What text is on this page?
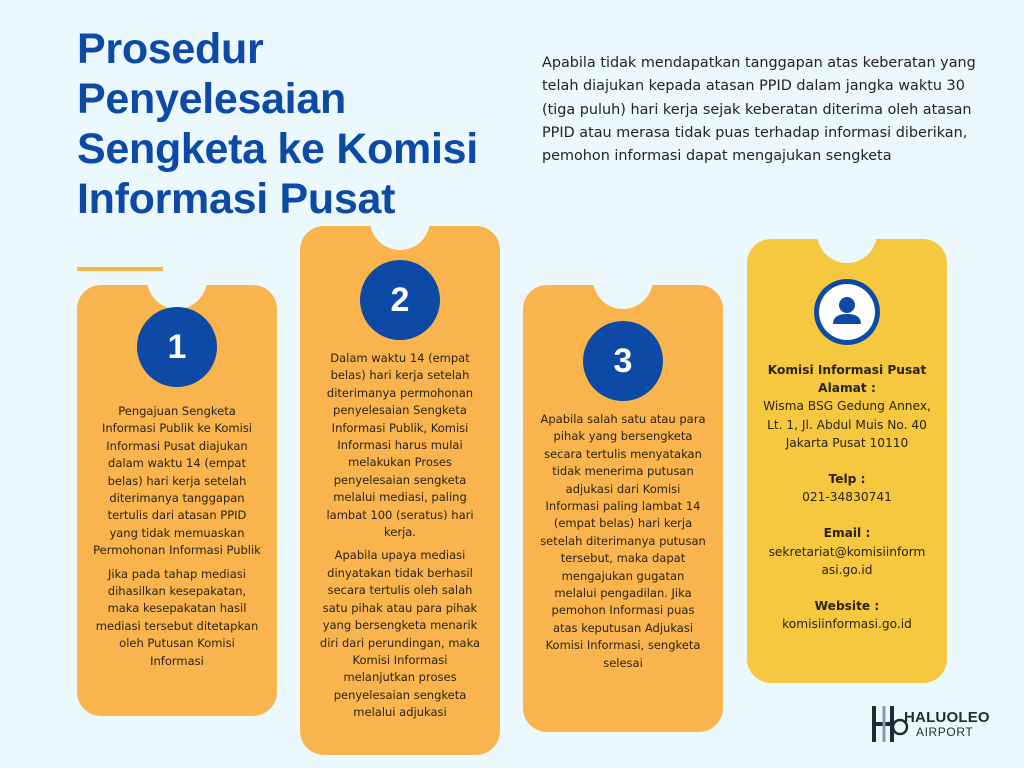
Prosedur
Penyelesaian
Sengketa ke Komisi
Informasi Pusat
Apabila tidak mendapatkan tanggapan atas keberatan yang telah diajukan kepada atasan PPID dalam jangka waktu 30 (tiga puluh) hari kerja sejak keberatan diterima oleh atasan PPID atau merasa tidak puas terhadap informasi diberikan, pemohon informasi dapat mengajukan sengketa
1

Pengajuan Sengketa Informasi Publik ke Komisi Informasi Pusat diajukan dalam waktu 14 (empat belas) hari kerja setelah diterimanya tanggapan tertulis dari atasan PPID yang tidak memuaskan Permohonan Informasi Publik

Jika pada tahap mediasi dihasilkan kesepakatan, maka kesepakatan hasil mediasi tersebut ditetapkan oleh Putusan Komisi Informasi

2

Dalam waktu 14 (empat belas) hari kerja setelah diterimanya permohonan penyelesaian Sengketa Informasi Publik, Komisi Informasi harus mulai melakukan Proses penyelesaian sengketa melalui mediasi, paling lambat 100 (seratus) hari kerja.

Apabila upaya mediasi dinyatakan tidak berhasil secara tertulis oleh salah satu pihak atau para pihak yang bersengketa menarik diri dari perundingan, maka Komisi Informasi melanjutkan proses penyelesaian sengketa melalui adjukasi

3

Apabila salah satu atau para pihak yang bersengketa secara tertulis menyatakan tidak menerima putusan adjukasi dari Komisi Informasi paling lambat 14 (empat belas) hari kerja setelah diterimanya putusan tersebut, maka dapat mengajukan gugatan melalui pengadilan. Jika pemohon Informasi puas atas keputusan Adjukasi Komisi Informasi, sengketa selesai

Komisi Informasi Pusat

Alamat :

Wisma BSG Gedung Annex, Lt. 1, Jl. Abdul Muis No. 40 Jakarta Pusat 10110

Telp :

021-34830741

Email :

sekretariat@komisiinformasi.go.id

Website :

komisiinformasi.go.id

HALUOLEO
AIRPORT
